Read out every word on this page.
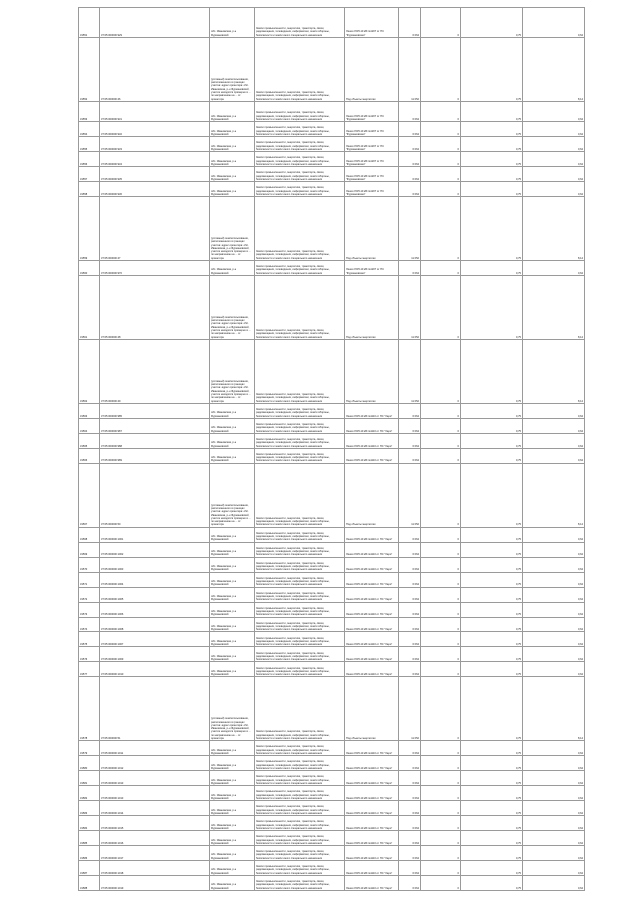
31551	37:05:000000:929	обл. Ивановская, р-н Фурмановский	Земли промышленности, энергетики, транспорта, связи, радиовещания, телевидения, информатики, земли обороны, безопасности и земли иного специального назначения	Линия ЛЭП-10 кВ №1207 от ПС "Фурмановская"	6 064	0	0,75	0,64
31552	37:05:000000:46	(условный) землепользования, расположенного в границах участка: адрес ориентира: обл. Ивановская, р-н Фурмановский, участок находится примерно в ... по направлению на ... от ориентира	Земли промышленности, энергетики, транспорта, связи, радиовещания, телевидения, информатики, земли обороны, безопасности и земли иного специального назначения	Под объекты энергетики	11 052	0	0,75	8,14
31553	37:05:000000:931	обл. Ивановская, р-н Фурмановский	Земли промышленности, энергетики, транспорта, связи, радиовещания, телевидения, информатики, земли обороны, безопасности и земли иного специального назначения	Линия ЛЭП-10 кВ №1207 от ПС "Фурмановская"	6 064	0	0,75	0,64
31554	37:05:000000:932	обл. Ивановская, р-н Фурмановский	Земли промышленности, энергетики, транспорта, связи, радиовещания, телевидения, информатики, земли обороны, безопасности и земли иного специального назначения	Линия ЛЭП-10 кВ №1207 от ПС "Фурмановская"	6 064	0	0,75	0,64
31555	37:05:000000:933	обл. Ивановская, р-н Фурмановский	Земли промышленности, энергетики, транспорта, связи, радиовещания, телевидения, информатики, земли обороны, безопасности и земли иного специального назначения	Линия ЛЭП-10 кВ №1207 от ПС "Фурмановская"	6 064	0	0,75	0,64
31556	37:05:000000:934	обл. Ивановская, р-н Фурмановский	Земли промышленности, энергетики, транспорта, связи, радиовещания, телевидения, информатики, земли обороны, безопасности и земли иного специального назначения	Линия ЛЭП-10 кВ №1207 от ПС "Фурмановская"	6 064	0	0,75	0,64
31557	37:05:000000:935	обл. Ивановская, р-н Фурмановский	Земли промышленности, энергетики, транспорта, связи, радиовещания, телевидения, информатики, земли обороны, безопасности и земли иного специального назначения	Линия ЛЭП-10 кВ №1207 от ПС "Фурмановская"	6 064	0	0,75	0,64
31558	37:05:000000:936	обл. Ивановская, р-н Фурмановский	Земли промышленности, энергетики, транспорта, связи, радиовещания, телевидения, информатики, земли обороны, безопасности и земли иного специального назначения	Линия ЛЭП-10 кВ №1207 от ПС "Фурмановская"	6 064	0	0,75	0,64
31559	37:05:000000:47	(условный) землепользования, расположенного в границах участка: адрес ориентира: обл. Ивановская, р-н Фурмановский, участок находится примерно в ... по направлению на ... от ориентира	Земли промышленности, энергетики, транспорта, связи, радиовещания, телевидения, информатики, земли обороны, безопасности и земли иного специального назначения	Под объекты энергетики	11 052	0	0,75	8,14
31560	37:05:000000:970	обл. Ивановская, р-н Фурмановский	Земли промышленности, энергетики, транспорта, связи, радиовещания, телевидения, информатики, земли обороны, безопасности и земли иного специального назначения	Линия ЛЭП-10 кВ №1207 от ПС "Фурмановская"	6 064	0	0,75	0,64
31561	37:05:000000:48	(условный) землепользования, расположенного в границах участка: адрес ориентира: обл. Ивановская, р-н Фурмановский, участок находится примерно в ... по направлению на ... от ориентира	Земли промышленности, энергетики, транспорта, связи, радиовещания, телевидения, информатики, земли обороны, безопасности и земли иного специального назначения	Под объекты энергетики	11 052	0	0,75	8,14
31562	37:05:000000:49	(условный) землепользования, расположенного в границах участка: адрес ориентира: обл. Ивановская, р-н Фурмановский, участок находится примерно в ... по направлению на ... от ориентира	Земли промышленности, энергетики, транспорта, связи, радиовещания, телевидения, информатики, земли обороны, безопасности и земли иного специального назначения	Под объекты энергетики	11 052	0	0,75	8,14
31563	37:05:000000:985	обл. Ивановская, р-н Фурмановский	Земли промышленности, энергетики, транспорта, связи, радиовещания, телевидения, информатики, земли обороны, безопасности и земли иного специального назначения	Линия ЛЭП-10 кВ №1110 от ПС "Хари"	6 064	0	0,75	0,64
31564	37:05:000000:987	обл. Ивановская, р-н Фурмановский	Земли промышленности, энергетики, транспорта, связи, радиовещания, телевидения, информатики, земли обороны, безопасности и земли иного специального назначения	Линия ЛЭП-10 кВ №1110 от ПС "Хари"	6 064	0	0,75	0,64
31565	37:05:000000:988	обл. Ивановская, р-н Фурмановский	Земли промышленности, энергетики, транспорта, связи, радиовещания, телевидения, информатики, земли обороны, безопасности и земли иного специального назначения	Линия ЛЭП-10 кВ №1110 от ПС "Хари"	6 064	0	0,75	0,64
31566	37:05:000000:989	обл. Ивановская, р-н Фурмановский	Земли промышленности, энергетики, транспорта, связи, радиовещания, телевидения, информатики, земли обороны, безопасности и земли иного специального назначения	Линия ЛЭП-10 кВ №1110 от ПС "Хари"	6 064	0	0,75	0,64
31567	37:05:000000:50	(условный) землепользования, расположенного в границах участка: адрес ориентира: обл. Ивановская, р-н Фурмановский, участок находится примерно в ... по направлению на ... от ориентира	Земли промышленности, энергетики, транспорта, связи, радиовещания, телевидения, информатики, земли обороны, безопасности и земли иного специального назначения	Под объекты энергетики	11 052	0	0,75	8,14
31568	37:05:000000:1001	обл. Ивановская, р-н Фурмановский	Земли промышленности, энергетики, транспорта, связи, радиовещания, телевидения, информатики, земли обороны, безопасности и земли иного специального назначения	Линия ЛЭП-10 кВ №1110 от ПС "Хари"	6 064	0	0,75	0,64
31569	37:05:000000:1002	обл. Ивановская, р-н Фурмановский	Земли промышленности, энергетики, транспорта, связи, радиовещания, телевидения, информатики, земли обороны, безопасности и земли иного специального назначения	Линия ЛЭП-10 кВ №1110 от ПС "Хари"	6 064	0	0,75	0,64
31570	37:05:000000:1003	обл. Ивановская, р-н Фурмановский	Земли промышленности, энергетики, транспорта, связи, радиовещания, телевидения, информатики, земли обороны, безопасности и земли иного специального назначения	Линия ЛЭП-10 кВ №1110 от ПС "Хари"	6 064	0	0,75	0,64
31571	37:05:000000:1004	обл. Ивановская, р-н Фурмановский	Земли промышленности, энергетики, транспорта, связи, радиовещания, телевидения, информатики, земли обороны, безопасности и земли иного специального назначения	Линия ЛЭП-10 кВ №1110 от ПС "Хари"	6 064	0	0,75	0,64
31572	37:05:000000:1005	обл. Ивановская, р-н Фурмановский	Земли промышленности, энергетики, транспорта, связи, радиовещания, телевидения, информатики, земли обороны, безопасности и земли иного специального назначения	Линия ЛЭП-10 кВ №1110 от ПС "Хари"	6 064	0	0,75	0,64
31573	37:05:000000:1006	обл. Ивановская, р-н Фурмановский	Земли промышленности, энергетики, транспорта, связи, радиовещания, телевидения, информатики, земли обороны, безопасности и земли иного специального назначения	Линия ЛЭП-10 кВ №1110 от ПС "Хари"	6 064	0	0,75	0,64
31574	37:05:000000:1008	обл. Ивановская, р-н Фурмановский	Земли промышленности, энергетики, транспорта, связи, радиовещания, телевидения, информатики, земли обороны, безопасности и земли иного специального назначения	Линия ЛЭП-10 кВ №1110 от ПС "Хари"	6 064	0	0,75	0,64
31575	37:05:000000:1007	обл. Ивановская, р-н Фурмановский	Земли промышленности, энергетики, транспорта, связи, радиовещания, телевидения, информатики, земли обороны, безопасности и земли иного специального назначения	Линия ЛЭП-10 кВ №1110 от ПС "Хари"	6 064	0	0,75	0,64
31576	37:05:000000:1009	обл. Ивановская, р-н Фурмановский	Земли промышленности, энергетики, транспорта, связи, радиовещания, телевидения, информатики, земли обороны, безопасности и земли иного специального назначения	Линия ЛЭП-10 кВ №1110 от ПС "Хари"	6 064	0	0,75	0,64
31577	37:05:000000:1010	обл. Ивановская, р-н Фурмановский	Земли промышленности, энергетики, транспорта, связи, радиовещания, телевидения, информатики, земли обороны, безопасности и земли иного специального назначения	Линия ЛЭП-10 кВ №1110 от ПС "Хари"	6 064	0	0,75	0,64
31578	37:05:000000:51	(условный) землепользования, расположенного в границах участка: адрес ориентира: обл. Ивановская, р-н Фурмановский, участок находится примерно в ... по направлению на ... от ориентира	Земли промышленности, энергетики, транспорта, связи, радиовещания, телевидения, информатики, земли обороны, безопасности и земли иного специального назначения	Под объекты энергетики	11 052	0	0,75	8,14
31579	37:05:000000:1011	обл. Ивановская, р-н Фурмановский	Земли промышленности, энергетики, транспорта, связи, радиовещания, телевидения, информатики, земли обороны, безопасности и земли иного специального назначения	Линия ЛЭП-10 кВ №1110 от ПС "Хари"	6 064	0	0,75	0,64
31580	37:05:000000:1012	обл. Ивановская, р-н Фурмановский	Земли промышленности, энергетики, транспорта, связи, радиовещания, телевидения, информатики, земли обороны, безопасности и земли иного специального назначения	Линия ЛЭП-10 кВ №1110 от ПС "Хари"	6 064	0	0,75	0,64
31581	37:05:000000:1013	обл. Ивановская, р-н Фурмановский	Земли промышленности, энергетики, транспорта, связи, радиовещания, телевидения, информатики, земли обороны, безопасности и земли иного специального назначения	Линия ЛЭП-10 кВ №1110 от ПС "Хари"	6 064	0	0,75	0,64
31582	37:05:000000:1013	обл. Ивановская, р-н Фурмановский	Земли промышленности, энергетики, транспорта, связи, радиовещания, телевидения, информатики, земли обороны, безопасности и земли иного специального назначения	Линия ЛЭП-10 кВ №1110 от ПС "Хари"	6 064	0	0,75	0,64
31583	37:05:000000:1014	обл. Ивановская, р-н Фурмановский	Земли промышленности, энергетики, транспорта, связи, радиовещания, телевидения, информатики, земли обороны, безопасности и земли иного специального назначения	Линия ЛЭП-10 кВ №1110 от ПС "Хари"	6 064	0	0,75	0,64
31584	37:05:000000:1015	обл. Ивановская, р-н Фурмановский	Земли промышленности, энергетики, транспорта, связи, радиовещания, телевидения, информатики, земли обороны, безопасности и земли иного специального назначения	Линия ЛЭП-10 кВ №1110 от ПС "Хари"	6 064	0	0,75	0,64
31585	37:05:000000:1016	обл. Ивановская, р-н Фурмановский	Земли промышленности, энергетики, транспорта, связи, радиовещания, телевидения, информатики, земли обороны, безопасности и земли иного специального назначения	Линия ЛЭП-10 кВ №1110 от ПС "Хари"	6 064	0	0,75	0,64
31586	37:05:000000:1017	обл. Ивановская, р-н Фурмановский	Земли промышленности, энергетики, транспорта, связи, радиовещания, телевидения, информатики, земли обороны, безопасности и земли иного специального назначения	Линия ЛЭП-10 кВ №1110 от ПС "Хари"	6 064	0	0,75	0,64
31587	37:05:000000:1018	обл. Ивановская, р-н Фурмановский	Земли промышленности, энергетики, транспорта, связи, радиовещания, телевидения, информатики, земли обороны, безопасности и земли иного специального назначения	Линия ЛЭП-10 кВ №1110 от ПС "Хари"	6 064	0	0,75	0,64
31588	37:05:000000:1019	обл. Ивановская, р-н Фурмановский	Земли промышленности, энергетики, транспорта, связи, радиовещания, телевидения, информатики, земли обороны, безопасности и земли иного специального назначения	Линия ЛЭП-10 кВ №1110 от ПС "Хари"	6 064	0	0,75	0,64
